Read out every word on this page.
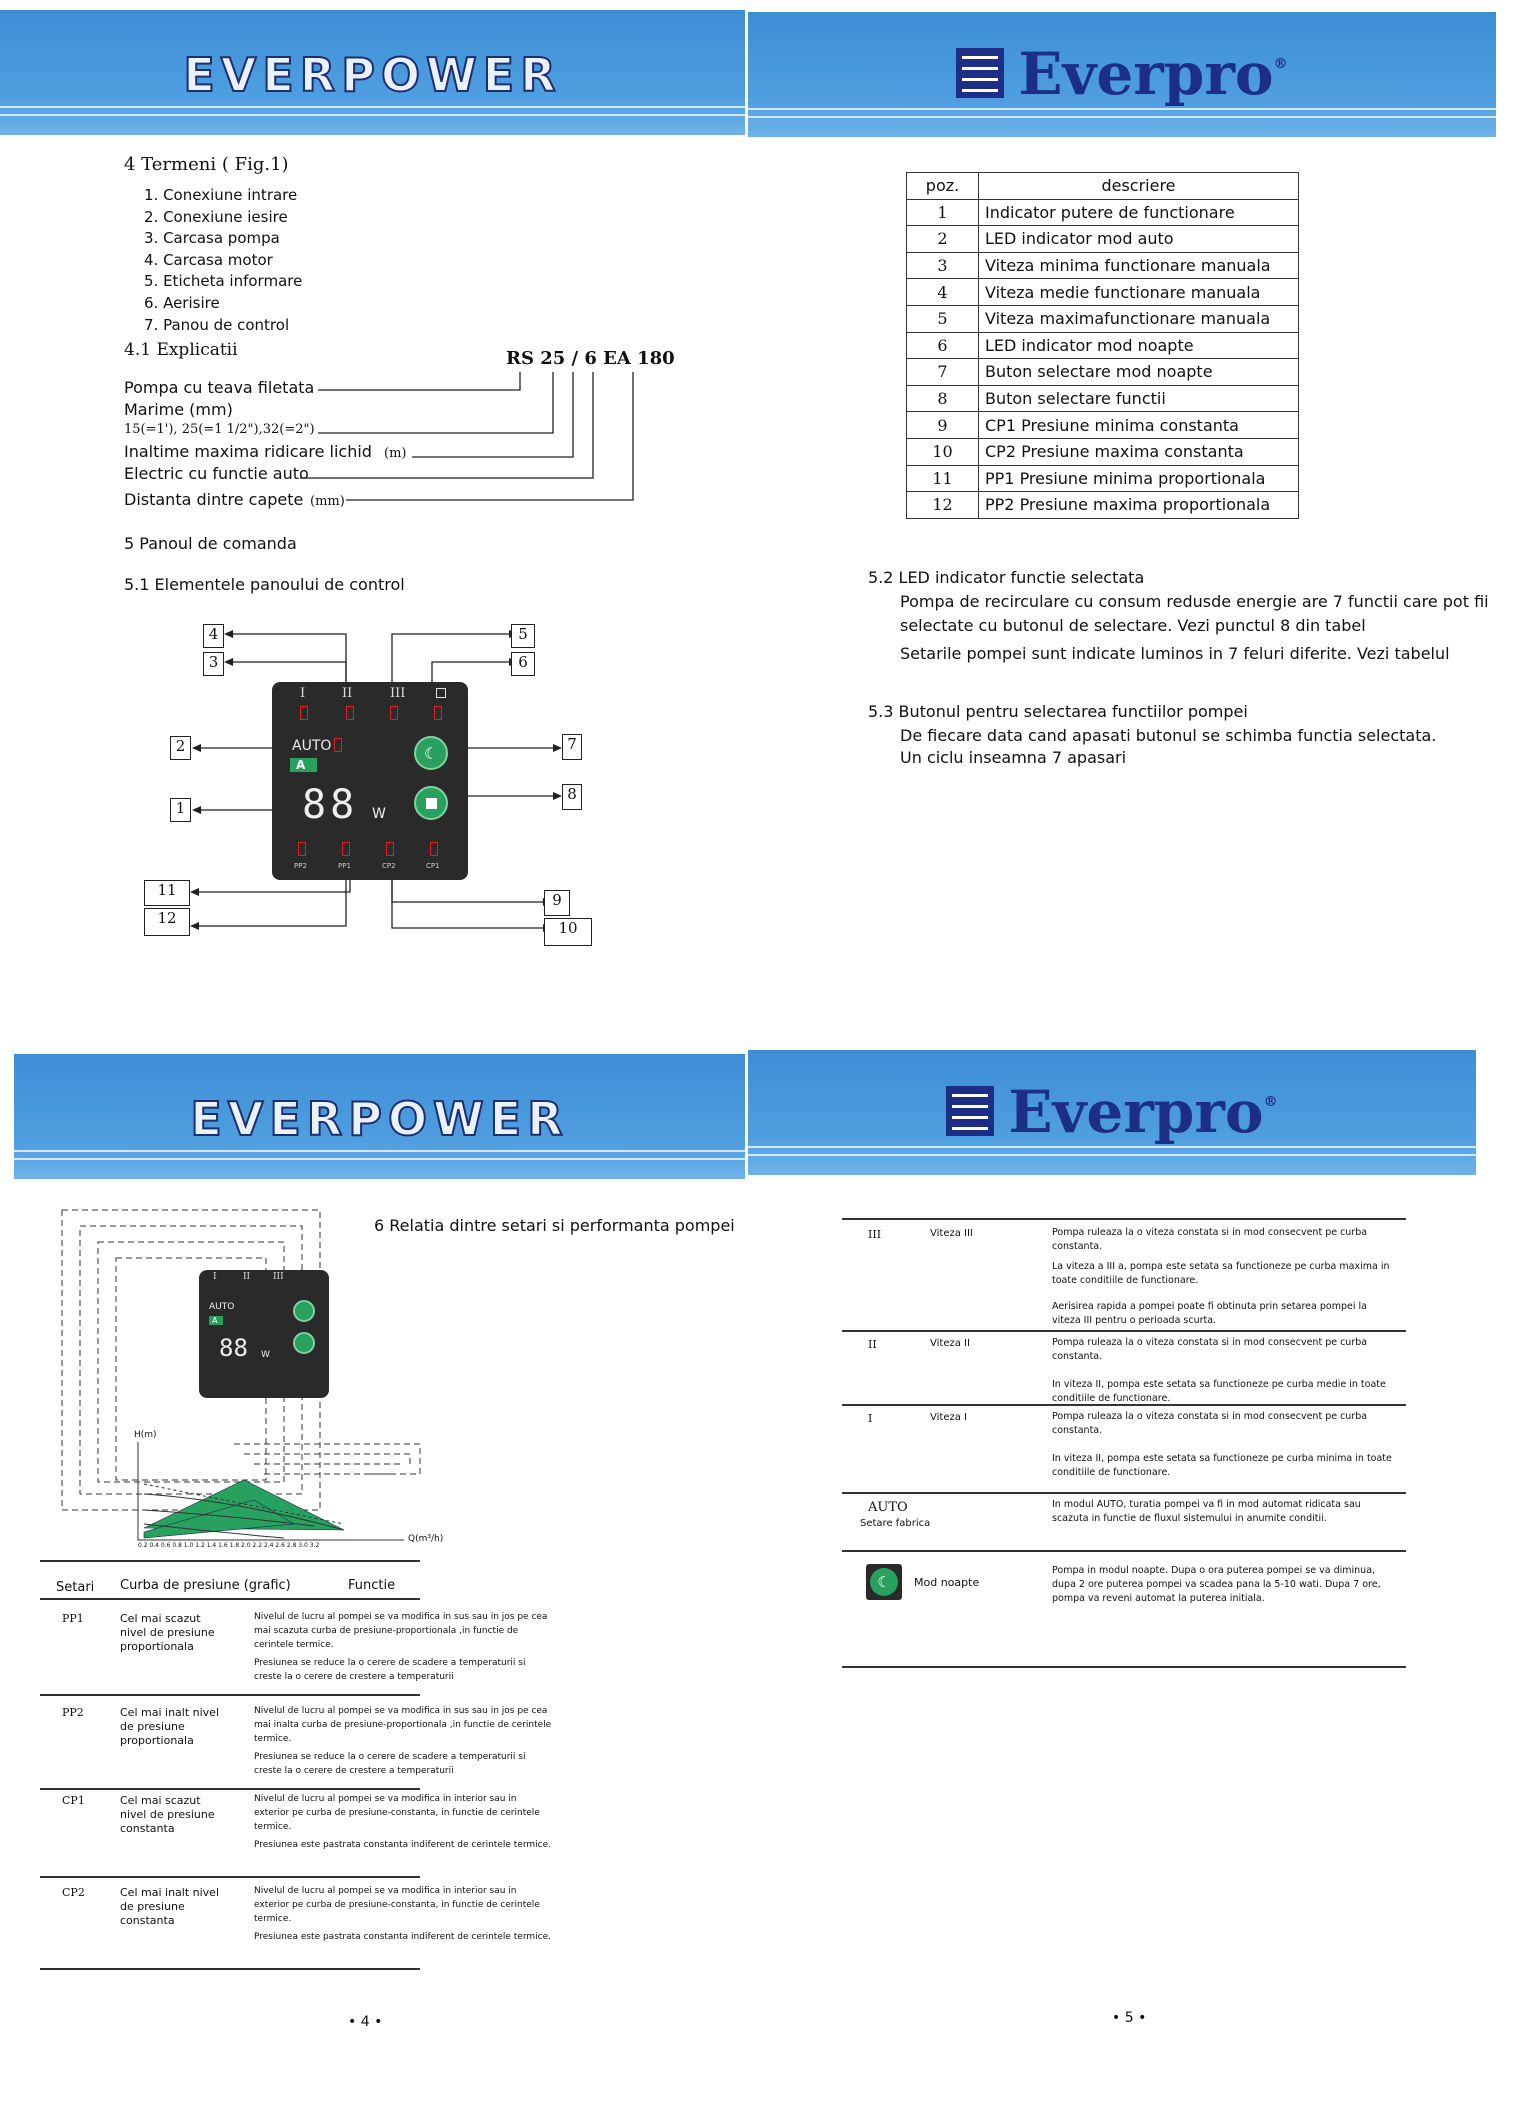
EVERPOWER
4 Termeni ( Fig.1)
1. Conexiune intrare
2. Conexiune iesire
3. Carcasa pompa
4. Carcasa motor
5. Eticheta informare
6. Aerisire
7. Panou de control
4.1 Explicatii	RS 25 / 6 EA 180
Pompa cu teava filetata
Marime (mm)
15(=1'), 25(=1 1/2"),32(=2")
Inaltime maxima ridicare lichid (m)
Electric cu functie auto
Distanta dintre capete (mm)
5 Panoul de comanda
5.1 Elementele panoului de control
I	II	III
AUTO
A
☾
88 W
PP2	PP1	CP2	CP1
4
3
5
6
2	7
1
8
11
9
12
10
Everpro®
poz.	descriere
1	Indicator putere de functionare
2	LED indicator mod auto
3	Viteza minima functionare manuala
4	Viteza medie functionare manuala
5	Viteza maximafunctionare manuala
6	LED indicator mod noapte
7	Buton selectare mod noapte
8	Buton selectare functii
9	CP1 Presiune minima constanta
10	CP2 Presiune maxima constanta
11	PP1 Presiune minima proportionala
12	PP2 Presiune maxima proportionala
5.2 LED indicator functie selectata
Pompa de recirculare cu consum redusde energie are 7 functii care pot fii
selectate cu butonul de selectare. Vezi punctul 8 din tabel
Setarile pompei sunt indicate luminos in 7 feluri diferite. Vezi tabelul
5.3 Butonul pentru selectarea functiilor pompei
De fiecare data cand apasati butonul se schimba functia selectata.
Un ciclu inseamna 7 apasari
EVERPOWER
6 Relatia dintre setari si performanta pompei
H(m)
0.2 0.4 0.6 0.8 1.0 1.2 1.4 1.6 1.8 2.0 2.2 2.4 2.6 2.8 3.0 3.2
Q(m³/h)
I	II	III
AUTO
A
88 W
Setari Curba de presiune (grafic)	Functie
PP1	Cel mai scazut nivel de presiune proportionala
Nivelul de lucru al pompei se va modifica in sus sau in jos pe cea mai scazuta curba de presiune-proportionala ,in functie de cerintele termice.
Presiunea se reduce la o cerere de scadere a temperaturii si creste la o cerere de crestere a temperaturii
PP2	Cel mai inalt nivel de presiune proportionala
Nivelul de lucru al pompei se va modifica in sus sau in jos pe cea mai inalta curba de presiune-proportionala ,in functie de cerintele termice.
Presiunea se reduce la o cerere de scadere a temperaturii si creste la o cerere de crestere a temperaturii
CP1	Cel mai scazut nivel de presiune constanta
Nivelul de lucru al pompei se va modifica in interior sau in exterior pe curba de presiune-constanta, in functie de cerintele termice.
Presiunea este pastrata constanta indiferent de cerintele termice.
CP2	Cel mai inalt nivel de presiune constanta
Nivelul de lucru al pompei se va modifica in interior sau in exterior pe curba de presiune-constanta, in functie de cerintele termice.
Presiunea este pastrata constanta indiferent de cerintele termice.
• 4 •
Everpro®
III	Viteza III	Pompa ruleaza la o viteza constata si in mod consecvent pe curba constanta.
La viteza a III a, pompa este setata sa functioneze pe curba maxima in toate conditiile de functionare.
Aerisirea rapida a pompei poate fi obtinuta prin setarea pompei la viteza III pentru o perioada scurta.
II	Viteza II	Pompa ruleaza la o viteza constata si in mod consecvent pe curba constanta.
In viteza II, pompa este setata sa functioneze pe curba medie in toate conditiile de functionare.
I	Viteza I	Pompa ruleaza la o viteza constata si in mod consecvent pe curba constanta.
In viteza II, pompa este setata sa functioneze pe curba minima in toate conditiile de functionare.
AUTO
Setare fabrica
In modul AUTO, turatia pompei va fi in mod automat ridicata sau scazuta in functie de fluxul sistemului in anumite conditii.
☾	Mod noapte
Pompa in modul noapte. Dupa o ora puterea pompei se va diminua, dupa 2 ore puterea pompei va scadea pana la 5-10 wati. Dupa 7 ore, pompa va reveni automat la puterea initiala.
• 5 •
